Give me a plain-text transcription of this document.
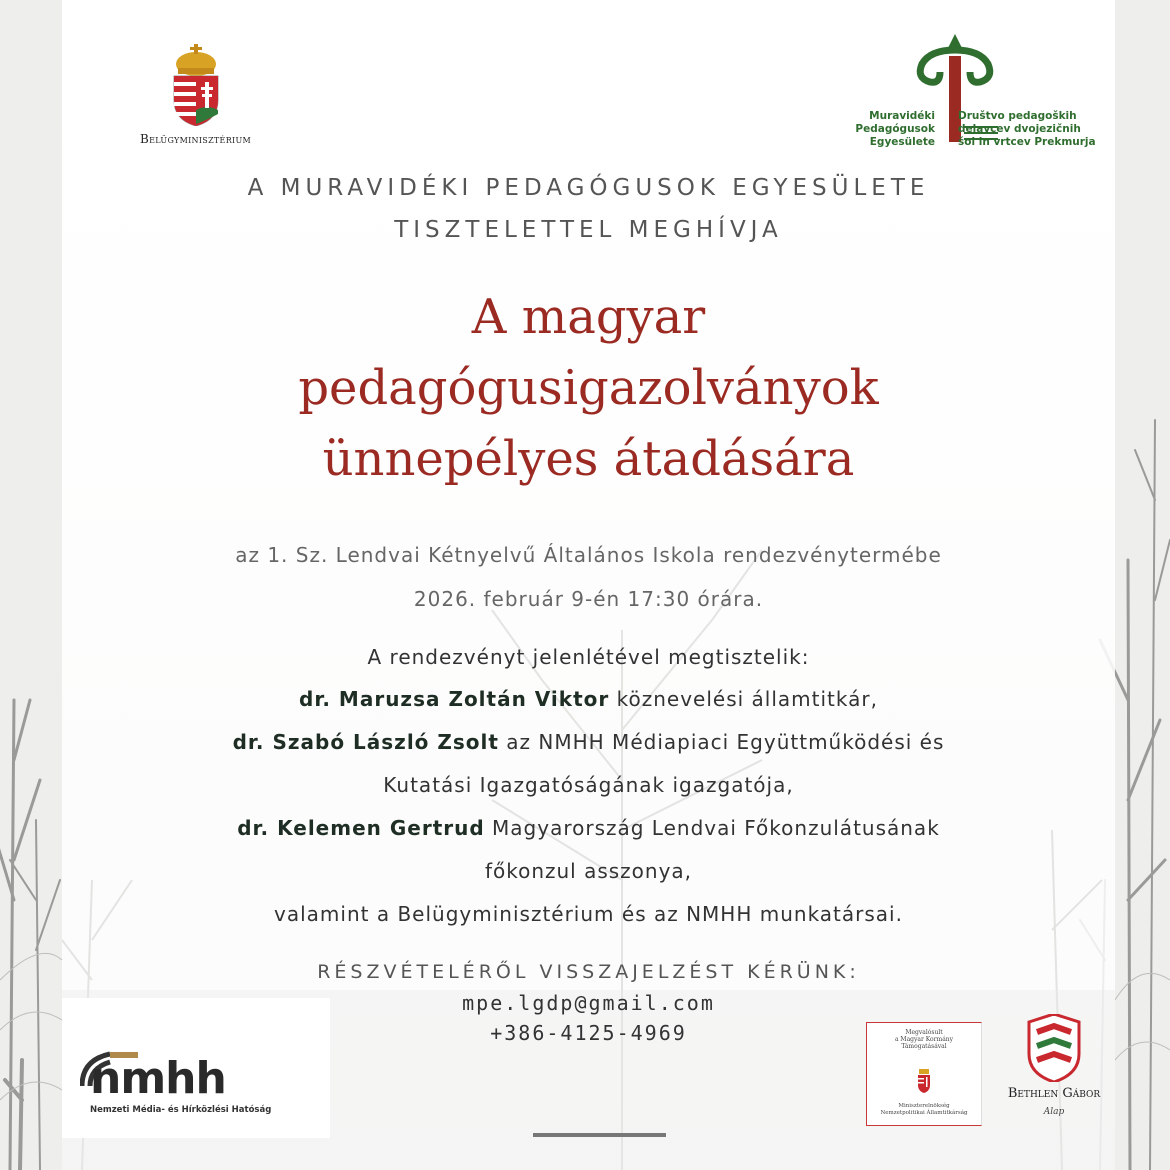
Belügyminisztérium
Muravidéki
Pedagógusok
Egyesülete
Društvo pedagoških
delavcev dvojezičnih
šol in vrtcev Prekmurja
A MURAVIDÉKI PEDAGÓGUSOK EGYESÜLETE
TISZTELETTEL MEGHÍVJA
A magyar
pedagógusigazolványok
ünnepélyes átadására
az 1. Sz. Lendvai Kétnyelvű Általános Iskola rendezvénytermébe
2026. február 9-én 17:30 órára.
A rendezvényt jelenlétével megtisztelik:
dr. Maruzsa Zoltán Viktor köznevelési államtitkár,
dr. Szabó László Zsolt az NMHH Médiapiaci Együttműködési és
Kutatási Igazgatóságának igazgatója,
dr. Kelemen Gertrud Magyarország Lendvai Főkonzulátusának
főkonzul asszonya,
valamint a Belügyminisztérium és az NMHH munkatársai.
RÉSZVÉTELÉRŐL VISSZAJELZÉST KÉRÜNK:
mpe.lgdp@gmail.com
+386-4125-4969
nmhh
Nemzeti Média- és Hírközlési Hatóság
Megvalósult
a Magyar Kormány
Támogatásával
Miniszterelnökség
Nemzetpolitikai Államtitkárság
Bethlen Gábor
Alap
